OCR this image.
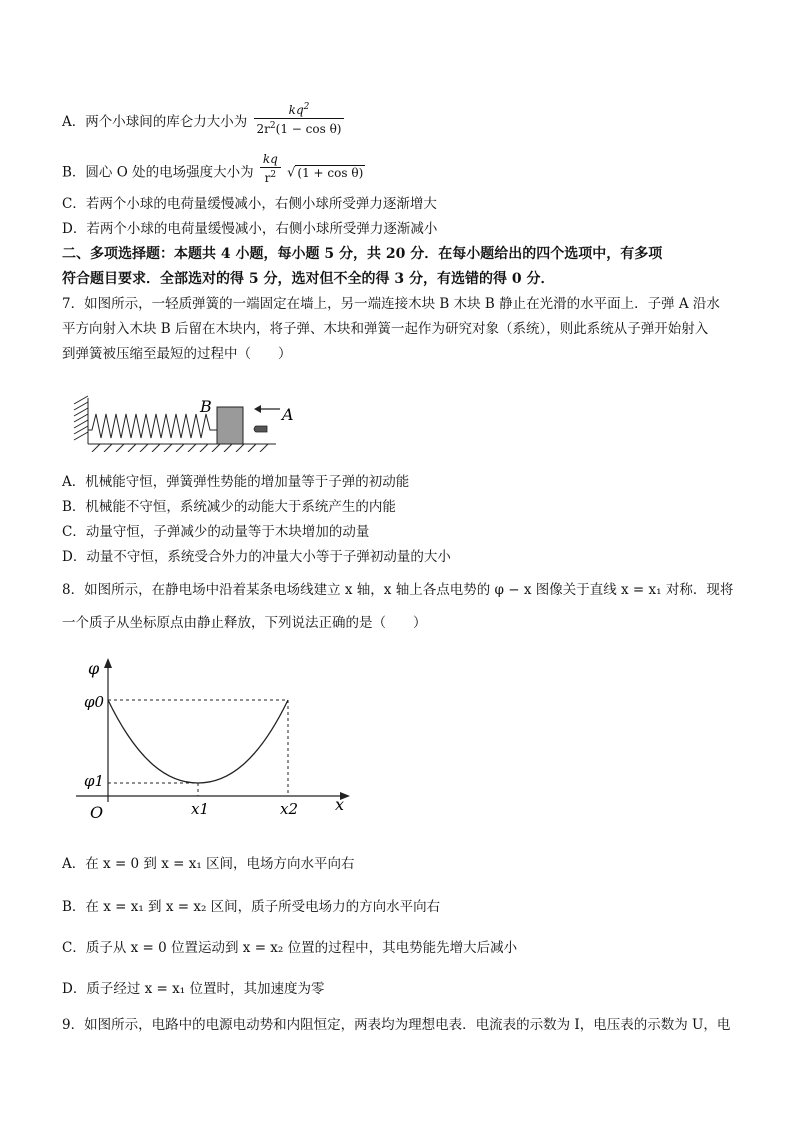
A．两个小球间的库仑力大小为 $\frac{kq^2}{2r^2(1 - \cos \theta)}$
B．圆心 O 处的电场强度大小为 $\frac{kq}{r^2}$ √ (1 + cos θ)
C．若两个小球的电荷量缓慢减小，右侧小球所受弹力逐渐增大
D．若两个小球的电荷量缓慢减小，右侧小球所受弹力逐渐减小
二、多项选择题：本题共 4 小题，每小题 5 分，共 20 分．在每小题给出的四个选项中，有多项
符合题目要求．全部选对的得 5 分，选对但不全的得 3 分，有选错的得 0 分．
7．如图所示，一轻质弹簧的一端固定在墙上，另一端连接木块 B 木块 B 静止在光滑的水平面上．子弹 A 沿水
平方向射入木块 B 后留在木块内，将子弹、木块和弹簧一起作为研究对象（系统），则此系统从子弹开始射入
到弹簧被压缩至最短的过程中（　　）
B	A
A．机械能守恒，弹簧弹性势能的增加量等于子弹的初动能
B．机械能不守恒，系统减少的动能大于系统产生的内能
C．动量守恒，子弹减少的动量等于木块增加的动量
D．动量不守恒，系统受合外力的冲量大小等于子弹初动量的大小
8．如图所示，在静电场中沿着某条电场线建立 x 轴，x 轴上各点电势的 φ − x 图像关于直线 x = x₁ 对称．现将
一个质子从坐标原点由静止释放，下列说法正确的是（　　）
φ
x
O
φ0
φ1
x1	x2
A．在 x = 0 到 x = x₁ 区间，电场方向水平向右
B．在 x = x₁ 到 x = x₂ 区间，质子所受电场力的方向水平向右
C．质子从 x = 0 位置运动到 x = x₂ 位置的过程中，其电势能先增大后减小
D．质子经过 x = x₁ 位置时，其加速度为零
9．如图所示，电路中的电源电动势和内阻恒定，两表均为理想电表．电流表的示数为 I，电压表的示数为 U，电
